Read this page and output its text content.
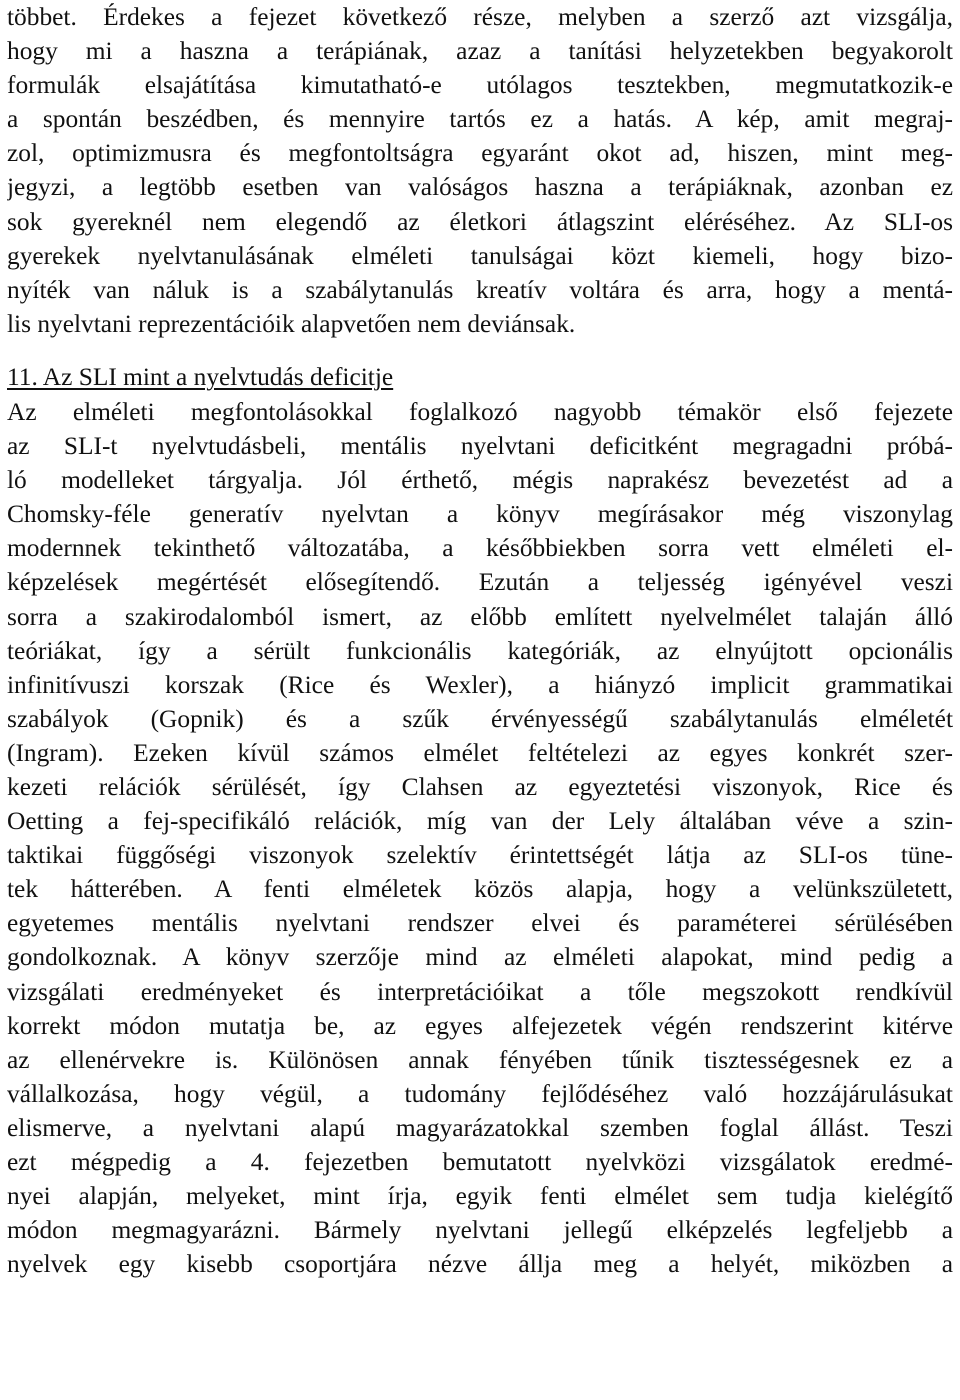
többet. Érdekes a fejezet következő része, melyben a szerző azt vizsgálja,
hogy mi a haszna a terápiának, azaz a tanítási helyzetekben begyakorolt
formulák elsajátítása kimutatható-e utólagos tesztekben, megmutatkozik-e
a spontán beszédben, és mennyire tartós ez a hatás. A kép, amit megraj-
zol, optimizmusra és megfontoltságra egyaránt okot ad, hiszen, mint meg-
jegyzi, a legtöbb esetben van valóságos haszna a terápiáknak, azonban ez
sok gyereknél nem elegendő az életkori átlagszint eléréséhez. Az SLI-os
gyerekek nyelvtanulásának elméleti tanulságai közt kiemeli, hogy bizo-
nyíték van náluk is a szabálytanulás kreatív voltára és arra, hogy a mentá-
lis nyelvtani reprezentációik alapvetően nem deviánsak.
11. Az SLI mint a nyelvtudás deficitje
Az elméleti megfontolásokkal foglalkozó nagyobb témakör első fejezete
az SLI-t nyelvtudásbeli, mentális nyelvtani deficitként megragadni próbá-
ló modelleket tárgyalja. Jól érthető, mégis naprakész bevezetést ad a
Chomsky-féle generatív nyelvtan a könyv megírásakor még viszonylag
modernnek tekinthető változatába, a későbbiekben sorra vett elméleti el-
képzelések megértését elősegítendő. Ezután a teljesség igényével veszi
sorra a szakirodalomból ismert, az előbb említett nyelvelmélet talaján álló
teóriákat, így a sérült funkcionális kategóriák, az elnyújtott opcionális
infinitívuszi korszak (Rice és Wexler), a hiányzó implicit grammatikai
szabályok (Gopnik) és a szűk érvényességű szabálytanulás elméletét
(Ingram). Ezeken kívül számos elmélet feltételezi az egyes konkrét szer-
kezeti relációk sérülését, így Clahsen az egyeztetési viszonyok, Rice és
Oetting a fej-specifikáló relációk, míg van der Lely általában véve a szin-
taktikai függőségi viszonyok szelektív érintettségét látja az SLI-os tüne-
tek hátterében. A fenti elméletek közös alapja, hogy a velünkszületett,
egyetemes mentális nyelvtani rendszer elvei és paraméterei sérülésében
gondolkoznak. A könyv szerzője mind az elméleti alapokat, mind pedig a
vizsgálati eredményeket és interpretációikat a tőle megszokott rendkívül
korrekt módon mutatja be, az egyes alfejezetek végén rendszerint kitérve
az ellenérvekre is. Különösen annak fényében tűnik tisztességesnek ez a
vállalkozása, hogy végül, a tudomány fejlődéséhez való hozzájárulásukat
elismerve, a nyelvtani alapú magyarázatokkal szemben foglal állást. Teszi
ezt mégpedig a 4. fejezetben bemutatott nyelvközi vizsgálatok eredmé-
nyei alapján, melyeket, mint írja, egyik fenti elmélet sem tudja kielégítő
módon megmagyarázni. Bármely nyelvtani jellegű elképzelés legfeljebb a
nyelvek egy kisebb csoportjára nézve állja meg a helyét, miközben a
